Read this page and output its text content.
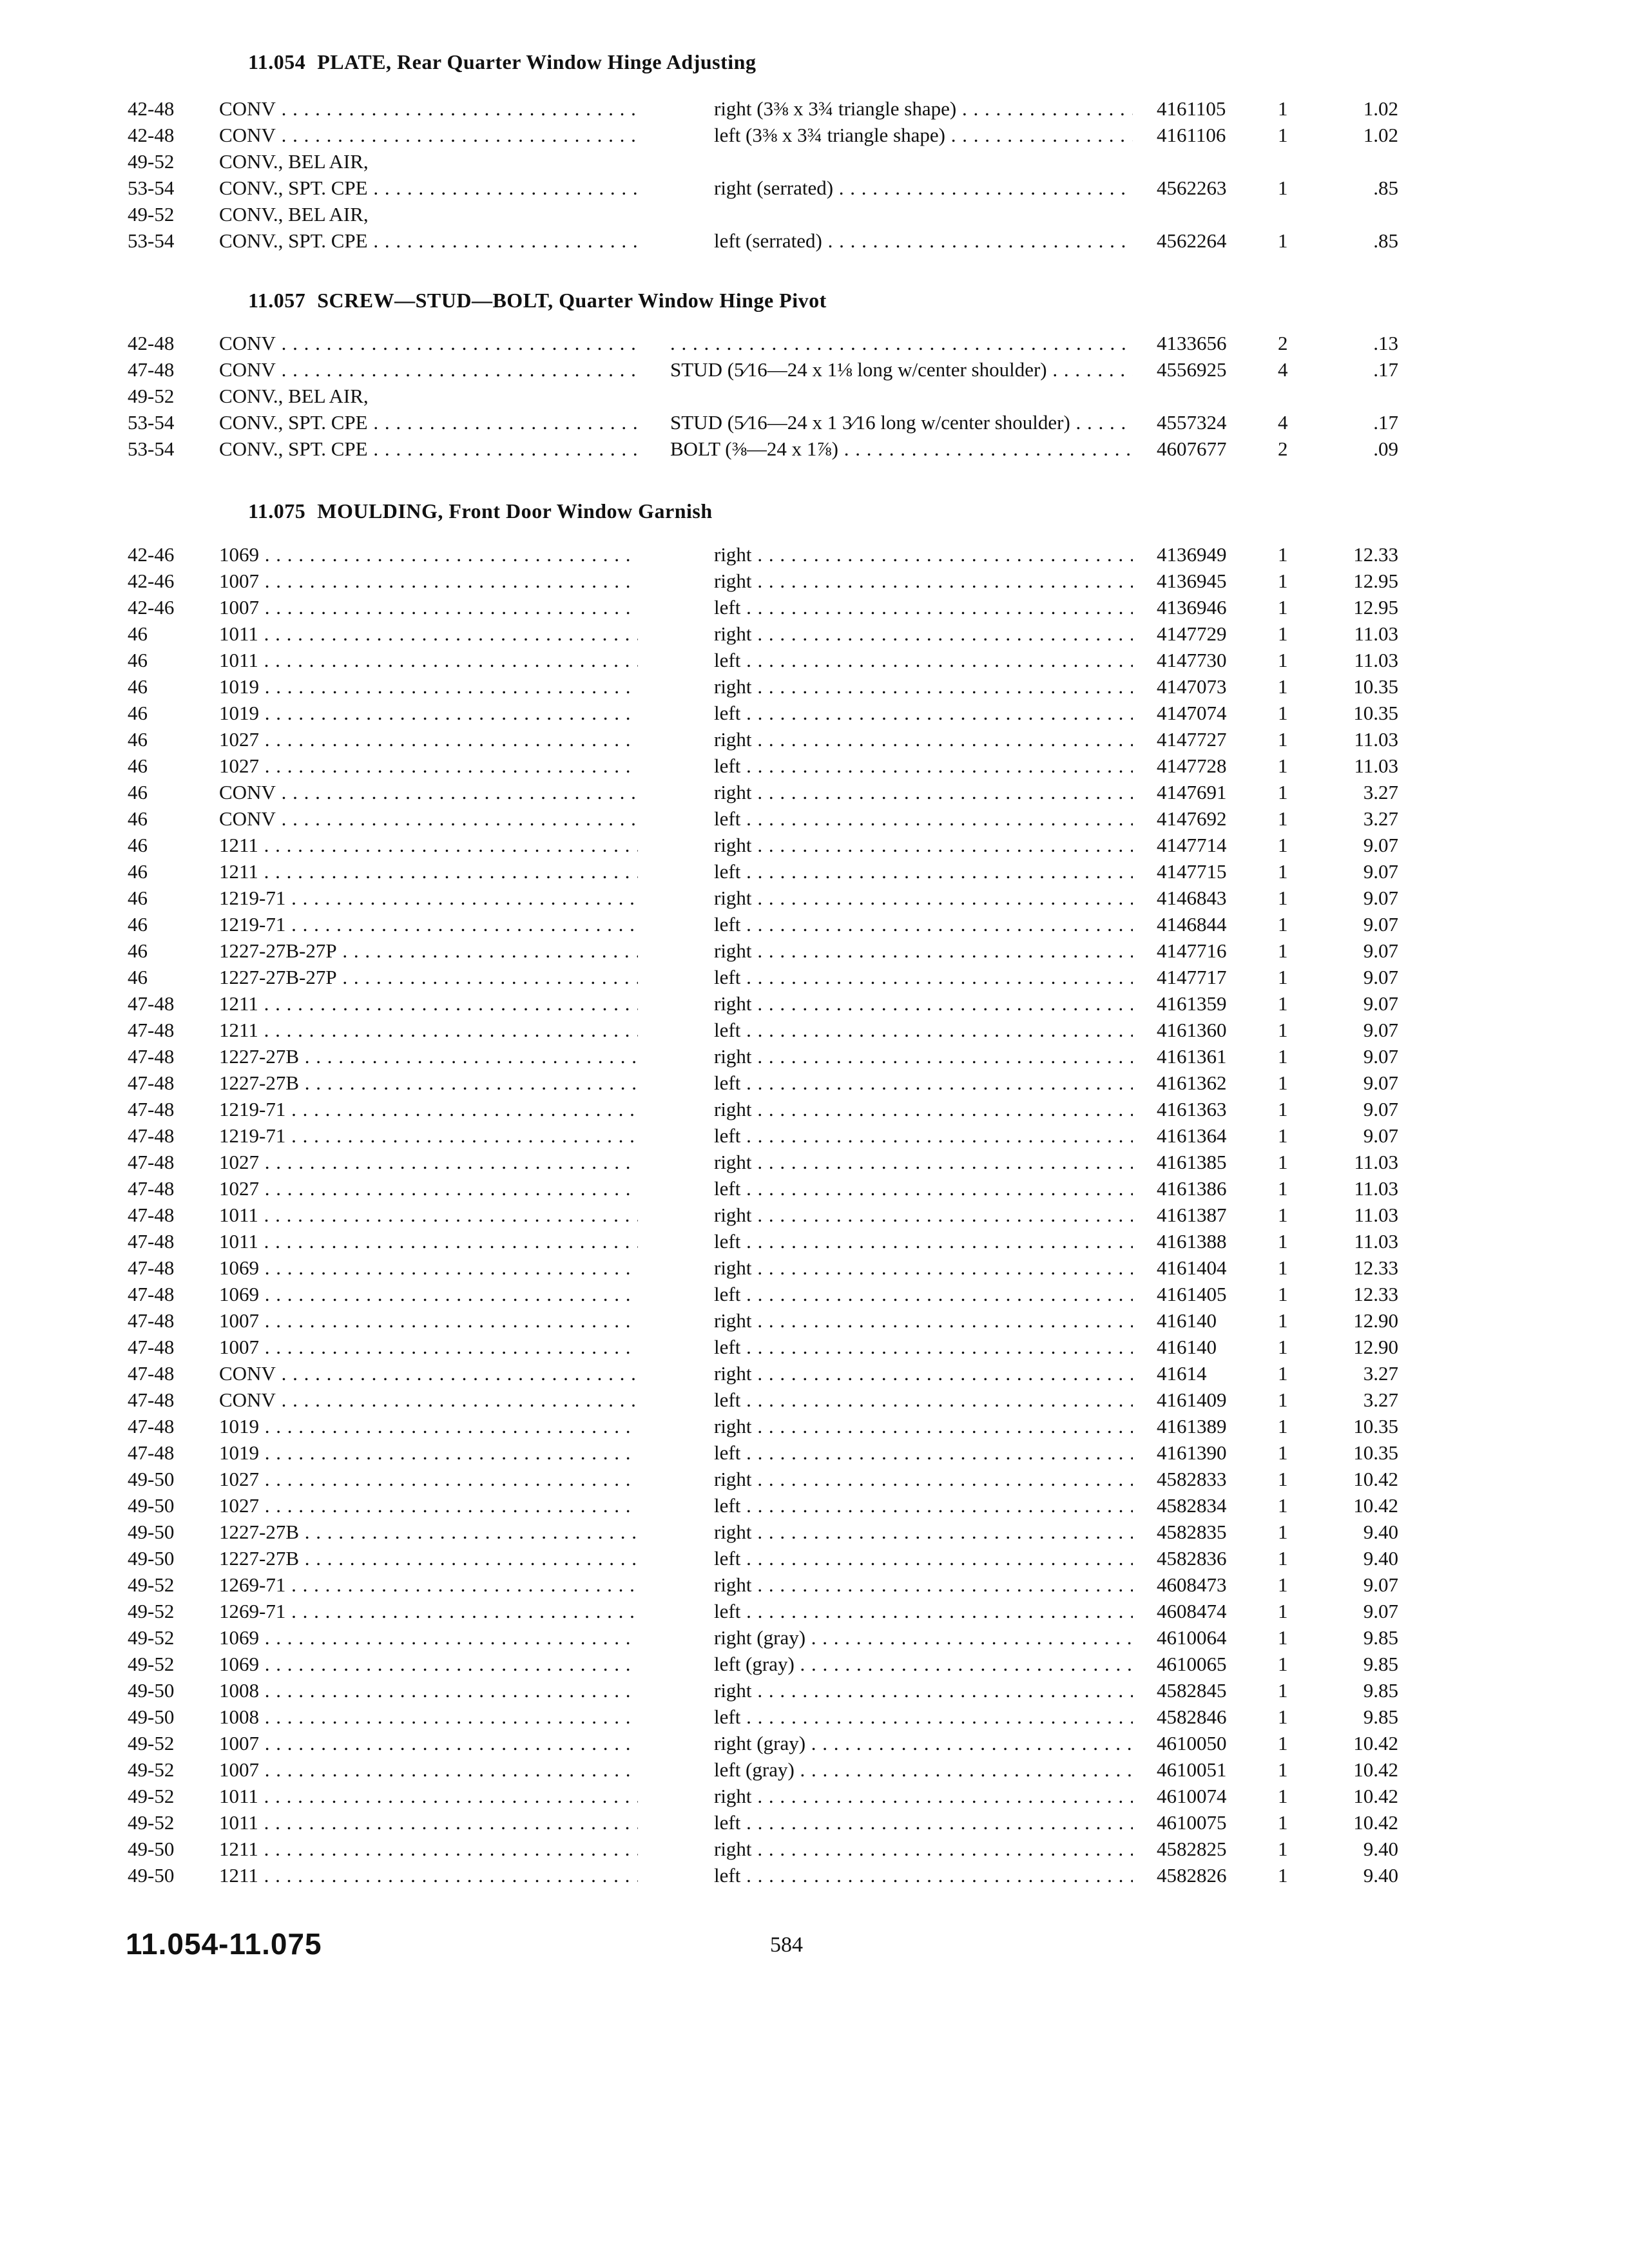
11.054 PLATE, Rear Quarter Window Hinge Adjusting
42-48 CONV . . .	right (3⅜ x 3¾ triangle shape) . . .	4161105	1	1.02
42-48 CONV . . .	left (3⅜ x 3¾ triangle shape) . . .	4161106	1	1.02
49-52 CONV., BEL AIR,
53-54 CONV., SPT. CPE . . .	right (serrated) . . .	4562263	1	.85
49-52 CONV., BEL AIR,
53-54 CONV., SPT. CPE . . .	left (serrated) . . .	4562264	1	.85
11.057 SCREW—STUD—BOLT, Quarter Window Hinge Pivot
42-48 CONV . . .
. . .	4133656	2	.13
47-48 CONV . . .	STUD (5⁄16—24 x 1⅛ long w/center shoulder) . . .	4556925	4	.17
49-52 CONV., BEL AIR,
53-54 CONV., SPT. CPE . . .	STUD (5⁄16—24 x 1 3⁄16 long w/center shoulder) . . .	4557324	4	.17
53-54 CONV., SPT. CPE . . .	BOLT (⅜—24 x 1⅞) . . .	4607677	2	.09
11.075 MOULDING, Front Door Window Garnish
42-46 1069 . . .	right . . .	4136949	1	12.33
42-46 1007 . . .	right . . .	4136945	1	12.95
42-46 1007 . . .	left . . .	4136946	1	12.95
46	1011 . . .	right . . .	4147729	1	11.03
46	1011 . . .	left . . .	4147730	1	11.03
46	1019 . . .	right . . .	4147073	1	10.35
46	1019 . . .	left . . .	4147074	1	10.35
46	1027 . . .	right . . .	4147727	1	11.03
46	1027 . . .	left . . .	4147728	1	11.03
46	CONV . . .	right . . .	4147691	1	3.27
46	CONV . . .	left . . .	4147692	1	3.27
46	1211 . . .	right . . .	4147714	1	9.07
46	1211 . . .	left . . .	4147715	1	9.07
46	1219-71 . . .	right . . .	4146843	1	9.07
46	1219-71 . . .	left . . .	4146844	1	9.07
46	1227-27B-27P . . .	right . . .	4147716	1	9.07
46	1227-27B-27P . . .	left . . .	4147717	1	9.07
47-48 1211 . . .	right . . .	4161359	1	9.07
47-48 1211 . . .	left . . .	4161360	1	9.07
47-48 1227-27B . . .	right . . .	4161361	1	9.07
47-48 1227-27B . . .	left . . .	4161362	1	9.07
47-48 1219-71 . . .	right . . .	4161363	1	9.07
47-48 1219-71 . . .	left . . .	4161364	1	9.07
47-48 1027 . . .	right . . .	4161385	1	11.03
47-48 1027 . . .	left . . .	4161386	1	11.03
47-48 1011 . . .	right . . .	4161387	1	11.03
47-48 1011 . . .	left . . .	4161388	1	11.03
47-48 1069 . . .	right . . .	4161404	1	12.33
47-48 1069 . . .	left . . .	4161405	1	12.33
47-48 1007 . . .	right . . .	416140	1	12.90
47-48 1007 . . .	left . . .	416140	1	12.90
47-48 CONV . . .	right . . .	41614	1	3.27
47-48 CONV . . .	left . . .	4161409	1	3.27
47-48 1019 . . .	right . . .	4161389	1	10.35
47-48 1019 . . .	left . . .	4161390	1	10.35
49-50 1027 . . .	right . . .	4582833	1	10.42
49-50 1027 . . .	left . . .	4582834	1	10.42
49-50 1227-27B . . .	right . . .	4582835	1	9.40
49-50 1227-27B . . .	left . . .	4582836	1	9.40
49-52 1269-71 . . .	right . . .	4608473	1	9.07
49-52 1269-71 . . .	left . . .	4608474	1	9.07
49-52 1069 . . .	right (gray) . . .	4610064	1	9.85
49-52 1069 . . .	left (gray) . . .	4610065	1	9.85
49-50 1008 . . .	right . . .	4582845	1	9.85
49-50 1008 . . .	left . . .	4582846	1	9.85
49-52 1007 . . .	right (gray) . . .	4610050	1	10.42
49-52 1007 . . .	left (gray) . . .	4610051	1	10.42
49-52 1011 . . .	right . . .	4610074	1	10.42
49-52 1011 . . .	left . . .	4610075	1	10.42
49-50 1211 . . .	right . . .	4582825	1	9.40
49-50 1211 . . .	left . . .	4582826	1	9.40
11.054-11.075	584
